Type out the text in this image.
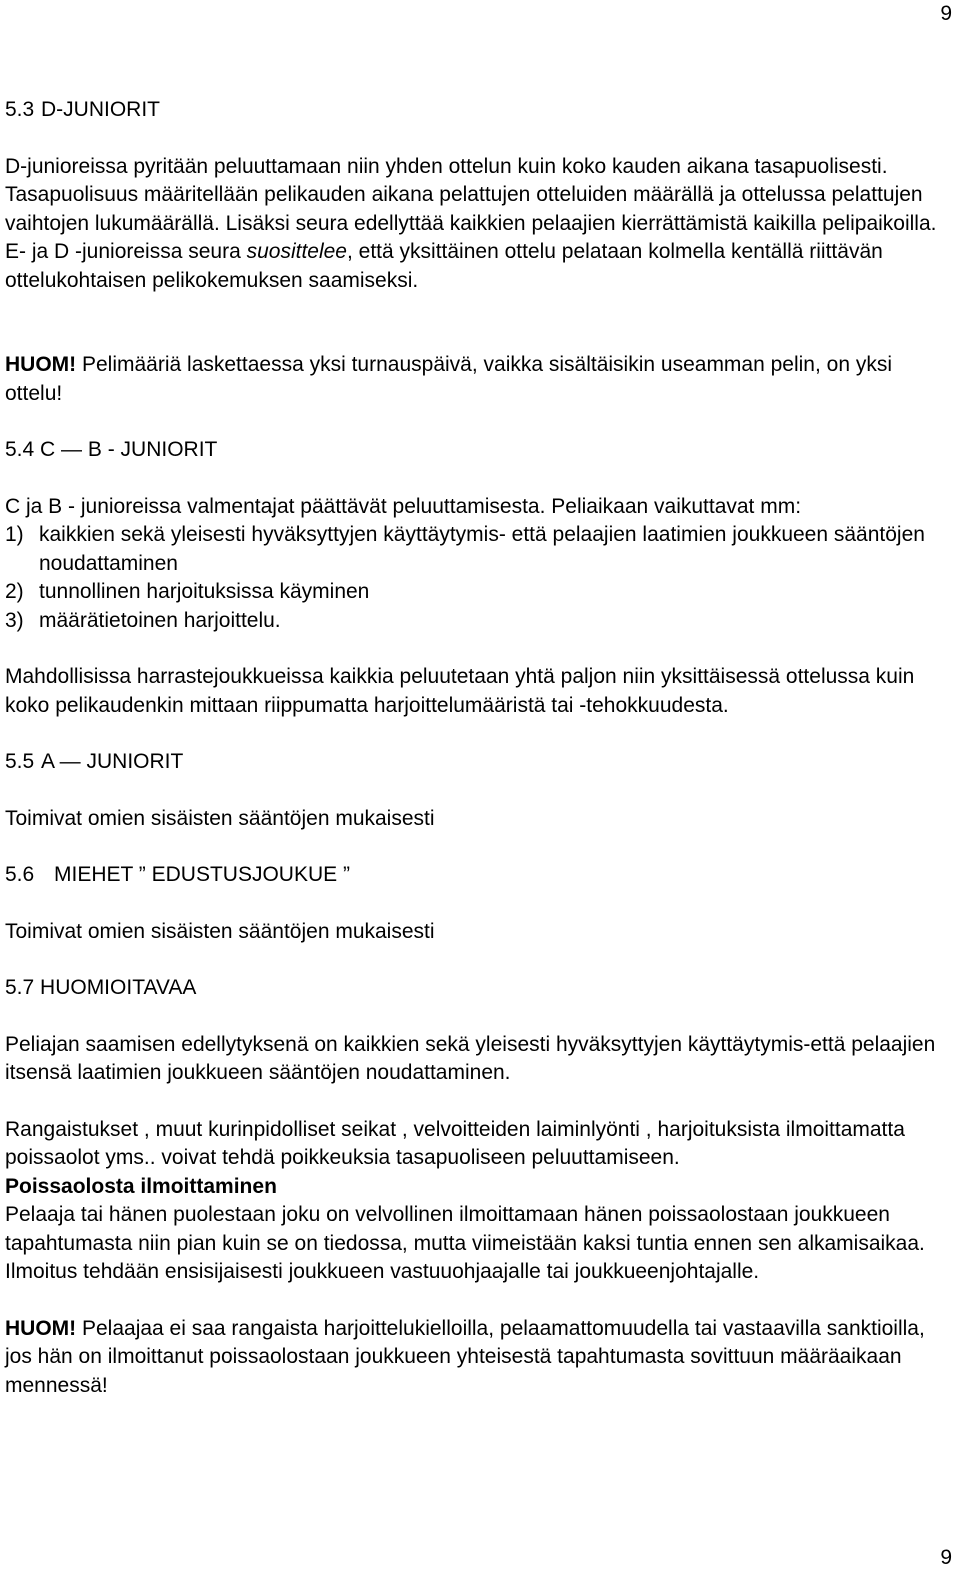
9
5.3 D-JUNIORIT

D-junioreissa pyritään peluuttamaan niin yhden ottelun kuin koko kauden aikana tasapuolisesti. Tasapuolisuus määritellään pelikauden aikana pelattujen otteluiden määrällä ja ottelussa pelattujen vaihtojen lukumäärällä. Lisäksi seura edellyttää kaikkien pelaajien kierrättämistä kaikilla pelipaikoilla. E- ja D -junioreissa seura suosittelee, että yksittäinen ottelu pelataan kolmella kentällä riittävän ottelukohtaisen pelikokemuksen saamiseksi.

HUOM! Pelimääriä laskettaessa yksi turnauspäivä, vaikka sisältäisikin useamman pelin, on yksi ottelu!

5.4 C — B - JUNIORIT

C ja B - junioreissa valmentajat päättävät peluuttamisesta. Peliaikaan vaikuttavat mm:

1) kaikkien sekä yleisesti hyväksyttyjen käyttäytymis- että pelaajien laatimien joukkueen sääntöjen noudattaminen
2) tunnollinen harjoituksissa käyminen
3) määrätietoinen harjoittelu.

Mahdollisissa harrastejoukkueissa kaikkia peluutetaan yhtä paljon niin yksittäisessä ottelussa kuin koko pelikaudenkin mittaan riippumatta harjoittelumääristä tai -tehokkuudesta.

5.5 A — JUNIORIT

Toimivat omien sisäisten sääntöjen mukaisesti

5.6 MIEHET ” EDUSTUSJOUKUE ”

Toimivat omien sisäisten sääntöjen mukaisesti

5.7 HUOMIOITAVAA

Peliajan saamisen edellytyksenä on kaikkien sekä yleisesti hyväksyttyjen käyttäytymis-että pelaajien itsensä laatimien joukkueen sääntöjen noudattaminen.

Rangaistukset , muut kurinpidolliset seikat , velvoitteiden laiminlyönti , harjoituksista ilmoittamatta poissaolot yms.. voivat tehdä poikkeuksia tasapuoliseen peluuttamiseen.

Poissaolosta ilmoittaminen

Pelaaja tai hänen puolestaan joku on velvollinen ilmoittamaan hänen poissaolostaan joukkueen tapahtumasta niin pian kuin se on tiedossa, mutta viimeistään kaksi tuntia ennen sen alkamisaikaa. Ilmoitus tehdään ensisijaisesti joukkueen vastuuohjaajalle tai joukkueenjohtajalle.

HUOM! Pelaajaa ei saa rangaista harjoittelukielloilla, pelaamattomuudella tai vastaavilla sanktioilla, jos hän on ilmoittanut poissaolostaan joukkueen yhteisestä tapahtumasta sovittuun määräaikaan mennessä!

9
